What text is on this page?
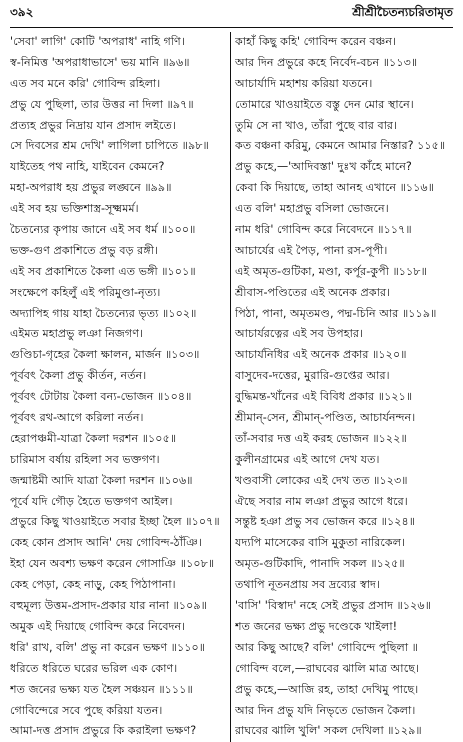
৩৯২	শ্রীশ্রীচৈতন্যচরিতামৃত
'সেবা' লাগি' কোটি 'অপরাধ' নাহি গণি।
স্ব-নিমিত্ত 'অপরাধাভাসে' ভয় মানি ॥৯৬॥
এত সব মনে করি' গোবিন্দ রহিলা।
প্রভু যে পুছিলা, তার উত্তর না দিলা ॥৯৭॥
প্রত্যহ প্রভুর নিদ্রায় যান প্রসাদ লইতে।
সে দিবসের শ্রম দেখি' লাগিলা চাপিতে ॥৯৮॥
যাইতেহ পথ নাহি, যাইবেন কেমনে?
মহা-অপরাধ হয় প্রভুর লঙ্ঘনে ॥৯৯॥
এই সব হয় ভক্তিশাস্ত্র-সূক্ষ্মমর্ম।
চৈতন্যের কৃপায় জানে এই সব ধর্ম ॥১০০॥
ভক্ত-গুণ প্রকাশিতে প্রভু বড় রঙ্গী।
এই সব প্রকাশিতে কৈলা এত ভঙ্গী ॥১০১॥
সংক্ষেপে কহিলুঁ এই পরিমুণ্ডা-নৃত্য।
অদ্যাপিহ গায় যাহা চৈতন্যের ভৃত্য ॥১০২॥
এইমত মহাপ্রভু লঞা নিজগণ।
গুণ্ডিচা-গৃহের কৈলা ক্ষালন, মার্জন ॥১০৩॥
পূর্ববৎ কৈলা প্রভু কীর্তন, নর্তন।
পূর্ববৎ টোটায় কৈলা বন্য-ভোজন ॥১০৪॥
পূর্ববৎ রথ-আগে করিলা নর্তন।
হেরাপঞ্চমী-যাত্রা কৈলা দরশন ॥১০৫॥
চারিমাস বর্ষায় রহিলা সব ভক্তগণ।
জন্মাষ্টমী আদি যাত্রা কৈলা দরশন ॥১০৬॥
পূর্বে যদি গৌড় হৈতে ভক্তগণ আইল।
প্রভুরে কিছু খাওয়াইতে সবার ইচ্ছা হৈল ॥১০৭॥
কেহ কোন প্রসাদ আনি' দেয় গোবিন্দ-ঠাঁঞি।
ইহা যেন অবশ্য ভক্ষণ করেন গোসাঞি ॥১০৮॥
কেহ পেড়া, কেহ নাড়ু, কেহ পিঠাপানা।
বহুমূল্য উত্তম-প্রসাদ-প্রকার যার নানা ॥১০৯॥
অমুক এই দিয়াছে গোবিন্দ করে নিবেদন।
ধরি' রাখ, বলি' প্রভু না করেন ভক্ষণ ॥১১০॥
ধরিতে ধরিতে ঘরের ভরিল এক কোণ।
শত জনের ভক্ষ্য যত হৈল সঞ্চয়ন ॥১১১॥
গোবিন্দেরে সবে পুছে করিয়া যতন।
আমা-দত্ত প্রসাদ প্রভুরে কি করাইলা ভক্ষণ?
কাহাঁ কিছু কহি' গোবিন্দ করেন বঞ্চন।
আর দিন প্রভুরে কহে নির্বেদ-বচন ॥১১৩॥
আচার্যাদি মহাশয় করিয়া যতনে।
তোমারে খাওয়াইতে বস্তু দেন মোর স্থানে।
তুমি সে না খাও, তাঁরা পুছে বার বার।
কত বঞ্চনা করিমু, কেমনে আমার নিস্তার? ১১৫॥
প্রভু কহে,—'আদিবস্তা' দুঃখ কাঁহে মানে?
কেবা কি দিয়াছে, তাহা আনহ এখানে ॥১১৬॥
এত বলি' মহাপ্রভু বসিলা ভোজনে।
নাম ধরি' গোবিন্দ করে নিবেদনে ॥১১৭॥
আচার্যের এই পৈড়, পানা রস-পূপী।
এই অমৃত-গুটিকা, মণ্ডা, কর্পূর-কুপী ॥১১৮॥
শ্রীবাস-পণ্ডিতের এই অনেক প্রকার।
পিঠা, পানা, অমৃতমণ্ড, পদ্ম-চিনি আর ॥১১৯॥
আচার্যরত্নের এই সব উপহার।
আচার্যনিধির এই অনেক প্রকার ॥১২০॥
বাসুদেব-দত্তের, মুরারি-গুপ্তের আর।
বুদ্ধিমন্ত-খাঁনের এই বিবিধ প্রকার ॥১২১॥
শ্রীমান্‌-সেন, শ্রীমান্‌-পণ্ডিত, আচার্যনন্দন।
তাঁ-সবার দত্ত এই করহ ভোজন ॥১২২॥
কুলীনগ্রামের এই আগে দেখ যত।
খণ্ডবাসী লোকের এই দেখ তত ॥১২৩॥
ঐছে সবার নাম লঞা প্রভুর আগে ধরে।
সন্তুষ্ট হঞা প্রভু সব ভোজন করে ॥১২৪॥
যদ্যপি মাসেকের বাসি মুকুতা নারিকেল।
অমৃত-গুটিকাদি, পানাদি সকল ॥১২৫॥
তথাপি নূতনপ্রায় সব দ্রব্যের স্বাদ।
'বাসি' 'বিস্বাদ' নহে সেই প্রভুর প্রসাদ ॥১২৬॥
শত জনের ভক্ষ্য প্রভু দণ্ডেকে খাইলা!
আর কিছু আছে? বলি' গোবিন্দে পুছিলা ॥
গোবিন্দ বলে,—রাঘবের ঝালি মাত্র আছে।
প্রভু কহে,—আজি রহ, তাহা দেখিমু পাছে।
আর দিন প্রভু যদি নিভৃতে ভোজন কৈলা।
রাঘবের ঝালি খুলি' সকল দেখিলা ॥১২৯॥
